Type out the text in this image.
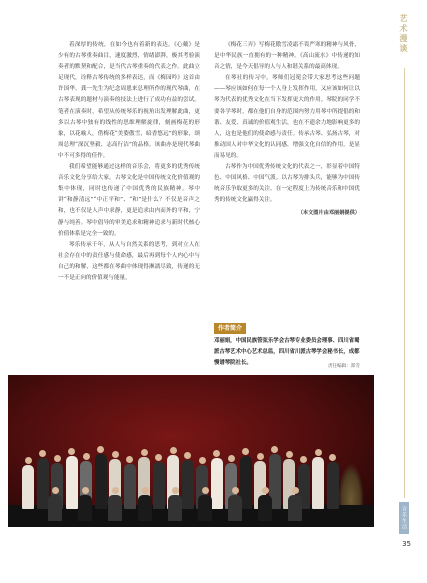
艺术漫谈
音乐生活
35

着深厚的传统，在如今也有着新的表达。《心戴》是少有的古琴重奏曲目，速度激烈，情绪澎湃，极其考验演奏者的默契和配合，是当代古琴重奏的代表之作。此曲立足现代，诠释古琴传统的多样表达，而《梅园吟》这首由许国华、龚一先生为纪念周恩来总理所作的现代琴曲，在古琴表现的题材与演奏的技法上进行了成功有益的尝试。笔者在演奏时，希望从传统琴乐的视角出发理解此曲，更多以古琴中独有的线性的思维理解旋律，刻画梅花的形象，以花喻人，借梅花“美姿傲雪，暗香悠远”的形象，颂周总理“深沉坚毅、志高行洁”的品格。该曲亦是现代琴曲中不可多得的佳作。

我们希望能够通过这样的音乐会，将更多的优秀传统音乐文化分享给大家。古琴文化是中国传统文化价值观的集中体现，同时也传递了中国优秀的民族精神。琴中讲“和静清远”“中正平和”、“和”是什么？不仅是音声之和，也不仅是人声中求静，更是追求由内而外的平和，宁静与纯善。琴中倡导的审美追求和精神追求与新时代核心价值体系是完全一致的。

琴乐传承千年，从人与自然关系的思考，到对立人在社会存在中的责任感与使命感，最后再到每个人内心中与自己的和解，这些都在琴曲中体现得淋漓尽致，传递的无一不是正向的价值观与能量。

《梅花三弄》写梅花傲雪凌霜不畏严寒的精神与风骨，是中华民族一直拥有的一种精神。《高山流水》中传递的知音之情，是今天倡导的人与人和谐关系的最高体现。

在琴社的传习中，琴师们冠冕会带大家思考这些问题——琴应该如何在每一个人身上发挥作用，又应该如何让以琴为代表的优秀文化在当下发挥更大的作用。琴院的同学不要各学琴时，都在他们自身的范围内努力用琴中所提倡的和谐、友爱、真诚的价值观生活，也在不遗余力地影响更多的人，这也是他们的使命感与责任。传承古琴、弘扬古琴，对推动国人对中华文化的认同感，增强文化自信的作用，是显而易见的。

古琴作为中国优秀传统文化的代表之一，彰显着中国特色、中国风格、中国气派。以古琴为排头兵，能够为中国传统音乐争取更多的关注。在一定程度上为传统音乐和中国优秀的传统文化赢得关注。

（本文图片由邓丽娟提供）
作者简介
邓丽娟，中国民族管弦乐学会古琴专业委员会理事、四川省蜀派古琴艺术中心艺术总监，四川省川派古琴学会秘书长，成都慢谱琴院社长。
责任编辑：郑雪
